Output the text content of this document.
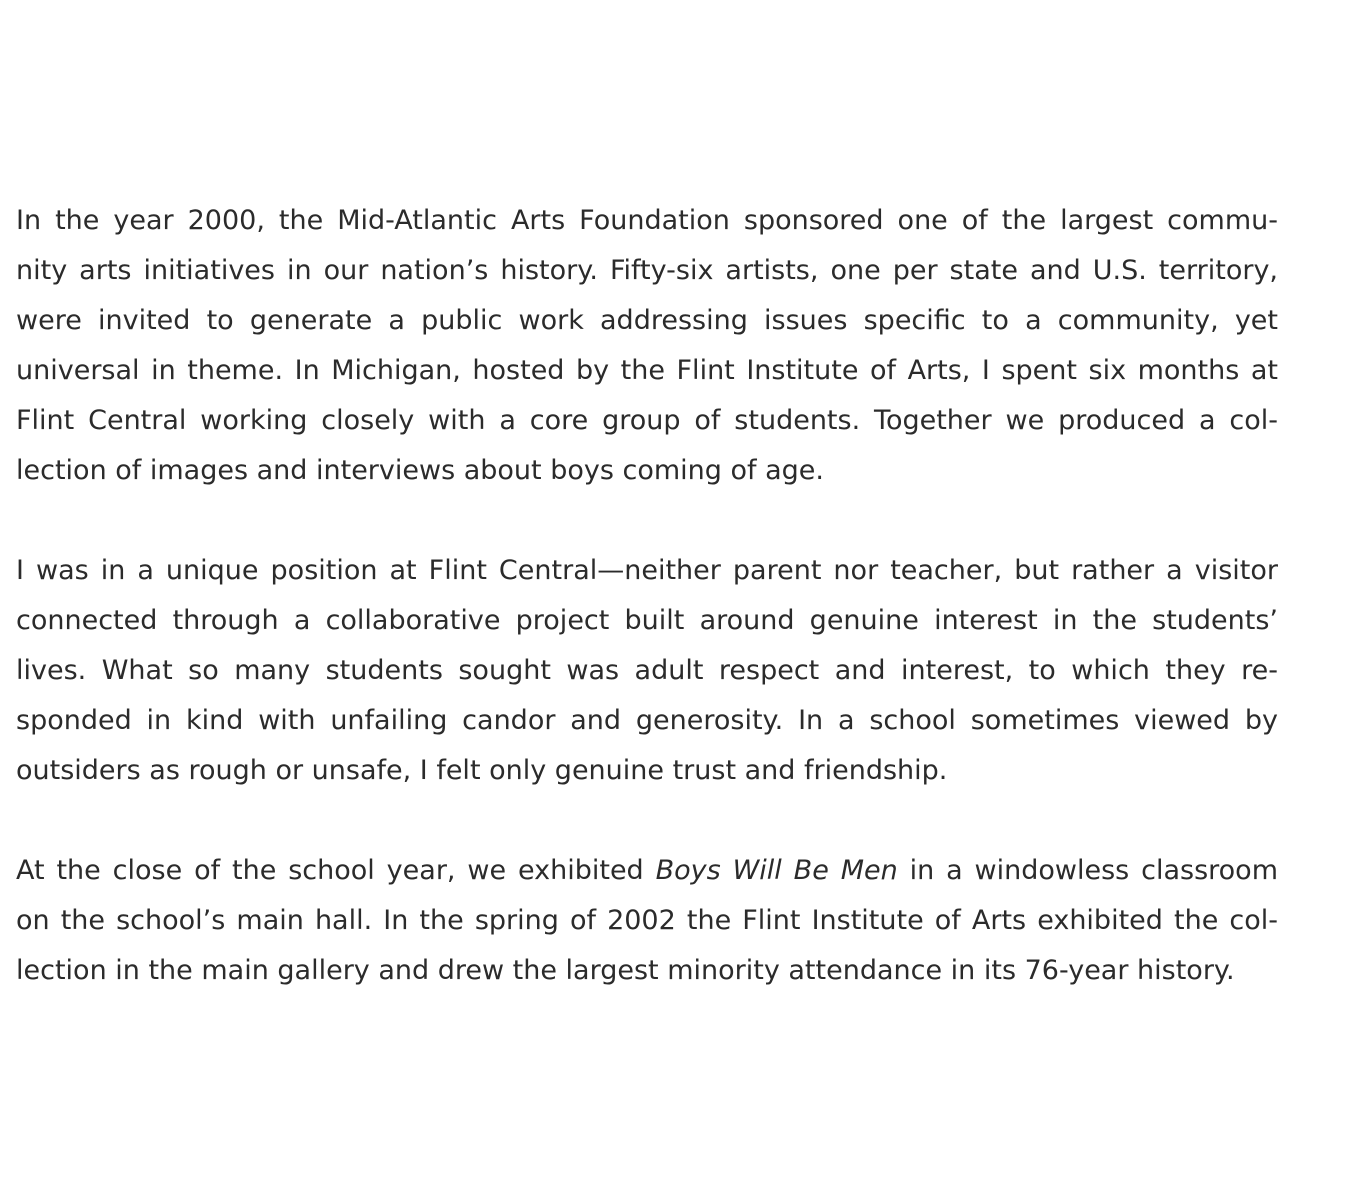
In the year 2000, the Mid-Atlantic Arts Foundation sponsored one of the largest commu-
nity arts initiatives in our nation’s history. Fifty-six artists, one per state and U.S. territory,
were invited to generate a public work addressing issues specific to a community, yet
universal in theme. In Michigan, hosted by the Flint Institute of Arts, I spent six months at
Flint Central working closely with a core group of students. Together we produced a col-
lection of images and interviews about boys coming of age.
I was in a unique position at Flint Central—neither parent nor teacher, but rather a visitor
connected through a collaborative project built around genuine interest in the students’
lives. What so many students sought was adult respect and interest, to which they re-
sponded in kind with unfailing candor and generosity. In a school sometimes viewed by
outsiders as rough or unsafe, I felt only genuine trust and friendship.
At the close of the school year, we exhibited Boys Will Be Men in a windowless classroom
on the school’s main hall. In the spring of 2002 the Flint Institute of Arts exhibited the col-
lection in the main gallery and drew the largest minority attendance in its 76-year history.
